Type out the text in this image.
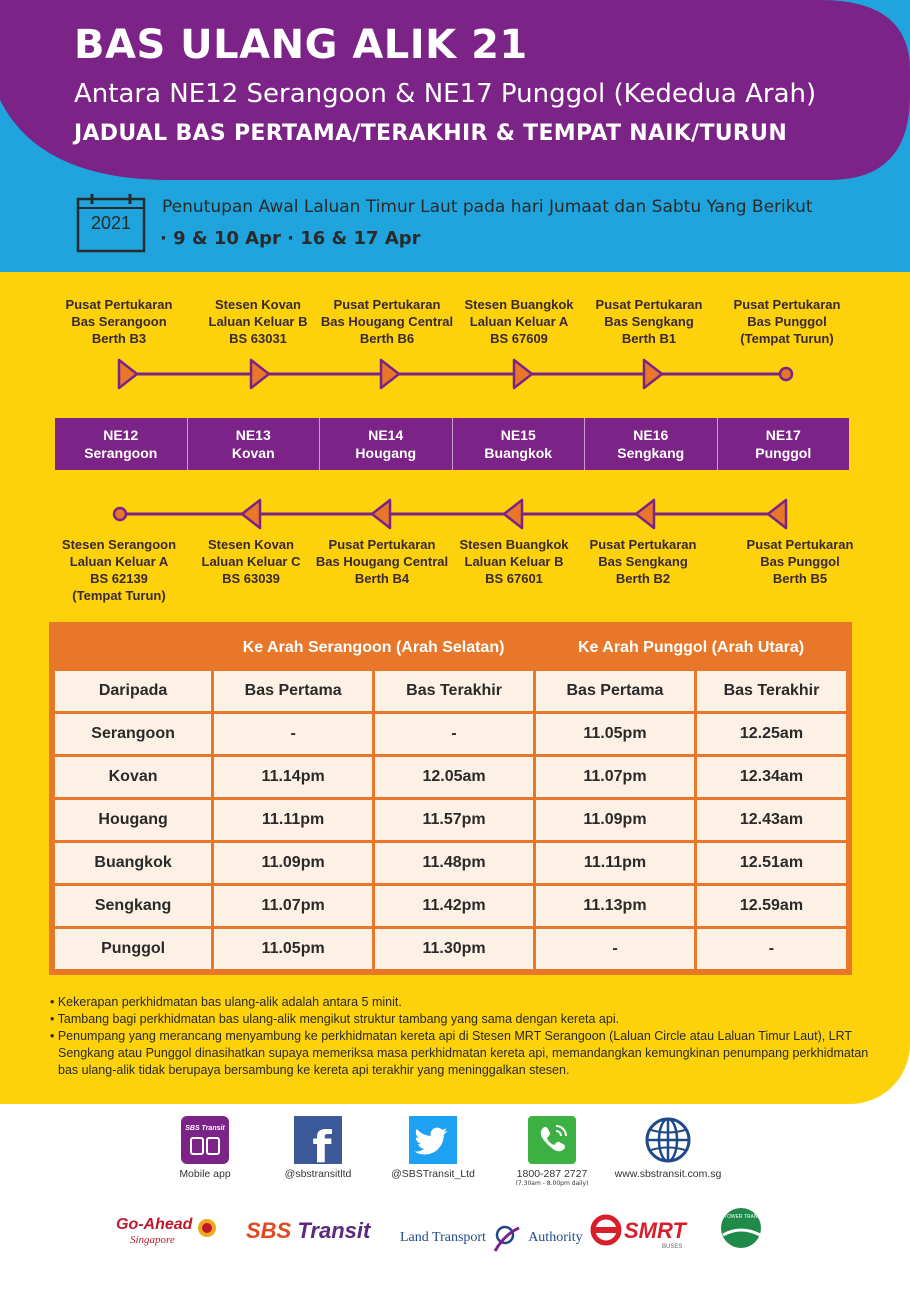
BAS ULANG ALIK 21
Antara NE12 Serangoon & NE17 Punggol (Kededua Arah)
JADUAL BAS PERTAMA/TERAKHIR & TEMPAT NAIK/TURUN
2021
Penutupan Awal Laluan Timur Laut pada hari Jumaat dan Sabtu Yang Berikut
· 9 & 10 Apr · 16 & 17 Apr
Pusat Pertukaran
Bas Serangoon
Berth B3
Stesen Kovan
Laluan Keluar B
BS 63031
Pusat Pertukaran
Bas Hougang Central
Berth B6
Stesen Buangkok
Laluan Keluar A
BS 67609
Pusat Pertukaran
Bas Sengkang
Berth B1
Pusat Pertukaran
Bas Punggol
(Tempat Turun)
NE12
Serangoon
NE13
Kovan
NE14
Hougang
NE15
Buangkok
NE16
Sengkang
NE17
Punggol
Stesen Serangoon
Laluan Keluar A
BS 62139
(Tempat Turun)
Stesen Kovan
Laluan Keluar C
BS 63039
Pusat Pertukaran
Bas Hougang Central
Berth B4
Stesen Buangkok
Laluan Keluar B
BS 67601
Pusat Pertukaran
Bas Sengkang
Berth B2
Pusat Pertukaran
Bas Punggol
Berth B5
	Ke Arah Serangoon (Arah Selatan)		Ke Arah Punggol (Arah Utara)	
Daripada	Bas Pertama	Bas Terakhir	Bas Pertama	Bas Terakhir
Serangoon	-	-	11.05pm	12.25am
Kovan	11.14pm	12.05am	11.07pm	12.34am
Hougang	11.11pm	11.57pm	11.09pm	12.43am
Buangkok	11.09pm	11.48pm	11.11pm	12.51am
Sengkang	11.07pm	11.42pm	11.13pm	12.59am
Punggol	11.05pm	11.30pm	-	-
• Kekerapan perkhidmatan bas ulang-alik adalah antara 5 minit.
• Tambang bagi perkhidmatan bas ulang-alik mengikut struktur tambang yang sama dengan kereta api.
• Penumpang yang merancang menyambung ke perkhidmatan kereta api di Stesen MRT Serangoon (Laluan Circle atau Laluan Timur Laut), LRT Sengkang atau Punggol dinasihatkan supaya memeriksa masa perkhidmatan kereta api, memandangkan kemungkinan penumpang perkhidmatan bas ulang-alik tidak berupaya bersambung ke kereta api terakhir yang meninggalkan stesen.
SBS Transit
Mobile app
f
@sbstransitltd	@SBSTransit_Ltd	1800-287 2727
(7.30am - 8.00pm daily)
www.sbstransit.com.sg
Go-Ahead
Singapore	SBS Transit Land Transport	Authority SMRT
BUSES
TOWER TRANSIT
